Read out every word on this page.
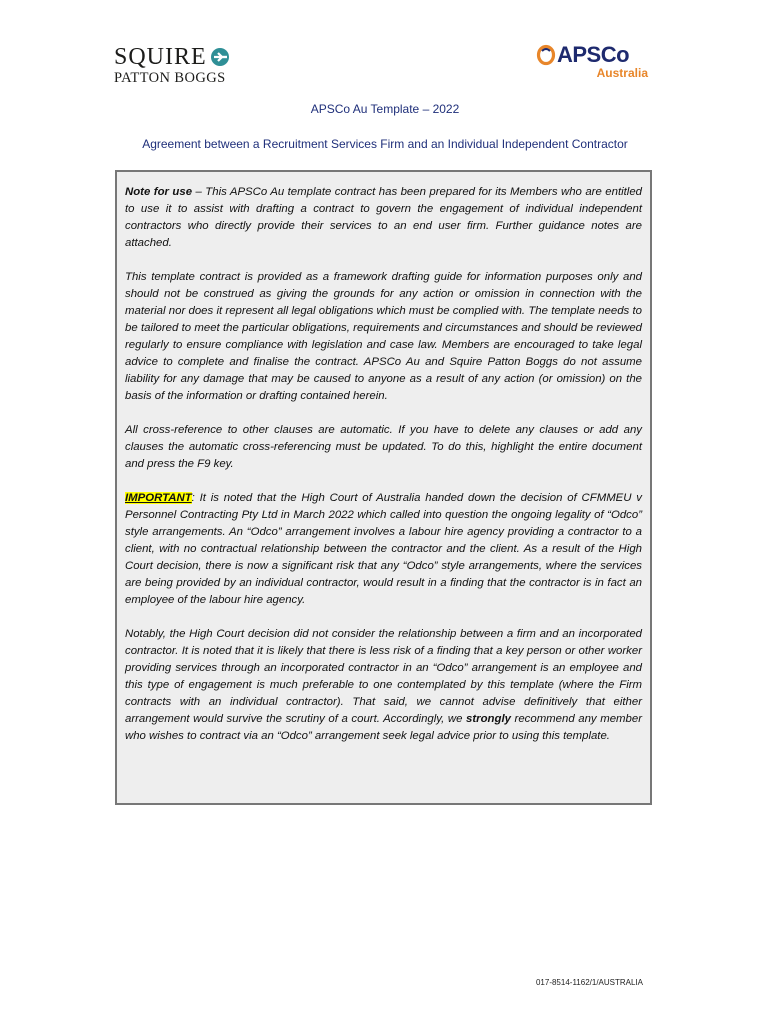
SQUIRE
PATTON BOGGS
APSCo
Australia
APSCo Au Template – 2022
Agreement between a Recruitment Services Firm and an Individual Independent Contractor

Note for use – This APSCo Au template contract has been prepared for its Members who are entitled to use it to assist with drafting a contract to govern the engagement of individual independent contractors who directly provide their services to an end user firm. Further guidance notes are attached.

This template contract is provided as a framework drafting guide for information purposes only and should not be construed as giving the grounds for any action or omission in connection with the material nor does it represent all legal obligations which must be complied with. The template needs to be tailored to meet the particular obligations, requirements and circumstances and should be reviewed regularly to ensure compliance with legislation and case law. Members are encouraged to take legal advice to complete and finalise the contract. APSCo Au and Squire Patton Boggs do not assume liability for any damage that may be caused to anyone as a result of any action (or omission) on the basis of the information or drafting contained herein.

All cross-reference to other clauses are automatic. If you have to delete any clauses or add any clauses the automatic cross-referencing must be updated. To do this, highlight the entire document and press the F9 key.

IMPORTANT: It is noted that the High Court of Australia handed down the decision of CFMMEU v Personnel Contracting Pty Ltd in March 2022 which called into question the ongoing legality of “Odco” style arrangements. An “Odco” arrangement involves a labour hire agency providing a contractor to a client, with no contractual relationship between the contractor and the client. As a result of the High Court decision, there is now a significant risk that any “Odco” style arrangements, where the services are being provided by an individual contractor, would result in a finding that the contractor is in fact an employee of the labour hire agency.

Notably, the High Court decision did not consider the relationship between a firm and an incorporated contractor. It is noted that it is likely that there is less risk of a finding that a key person or other worker providing services through an incorporated contractor in an “Odco” arrangement is an employee and this type of engagement is much preferable to one contemplated by this template (where the Firm contracts with an individual contractor). That said, we cannot advise definitively that either arrangement would survive the scrutiny of a court. Accordingly, we strongly recommend any member who wishes to contract via an “Odco” arrangement seek legal advice prior to using this template.

017-8514-1162/1/AUSTRALIA
